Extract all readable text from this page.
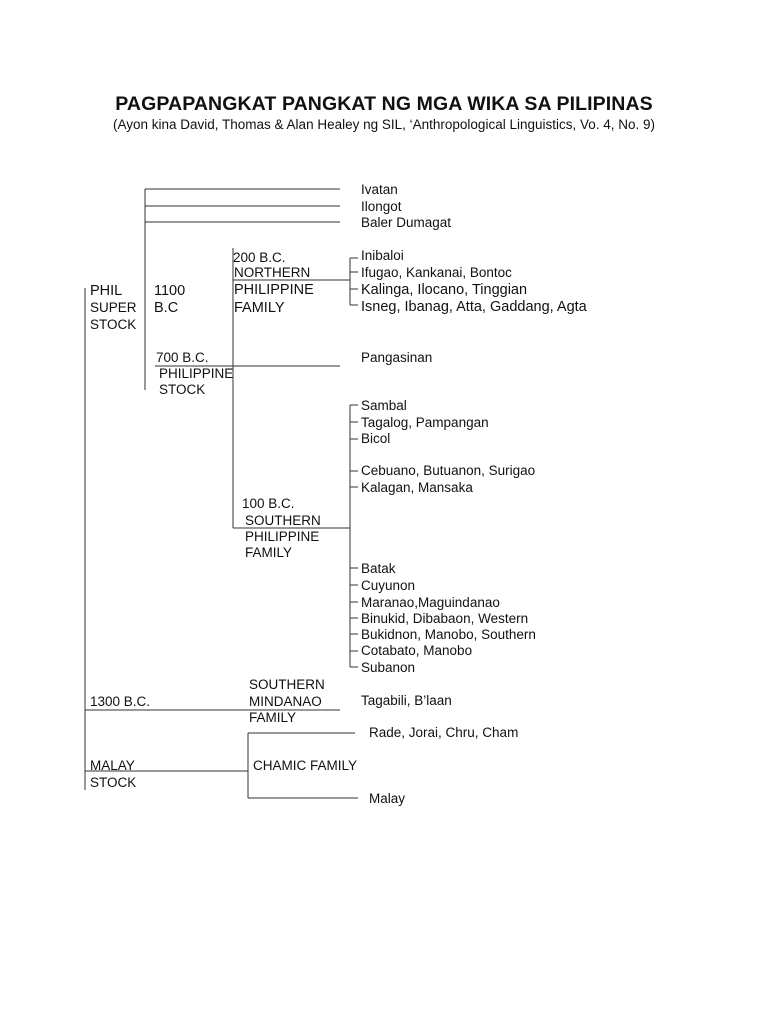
PAGPAPANGKAT PANGKAT NG MGA WIKA SA PILIPINAS
(Ayon kina David, Thomas & Alan Healey ng SIL, ‘Anthropological Linguistics, Vo. 4, No. 9)
PHIL
SUPER
STOCK
1100
B.C
700 B.C.
PHILIPPINE
STOCK
200 B.C.
NORTHERN
PHILIPPINE
FAMILY
100 B.C.
SOUTHERN
PHILIPPINE
FAMILY
SOUTHERN
MINDANAO
FAMILY
1300 B.C.
MALAY
STOCK
CHAMIC FAMILY
Ivatan
Ilongot
Baler Dumagat
Inibaloi
Ifugao, Kankanai, Bontoc
Kalinga, Ilocano, Tinggian
Isneg, Ibanag, Atta, Gaddang, Agta
Pangasinan
Sambal
Tagalog, Pampangan
Bicol
Cebuano, Butuanon, Surigao
Kalagan, Mansaka
Batak
Cuyunon
Maranao,Maguindanao
Binukid, Dibabaon, Western
Bukidnon, Manobo, Southern
Cotabato, Manobo
Subanon
Tagabili, B’laan
Rade, Jorai, Chru, Cham
Malay
